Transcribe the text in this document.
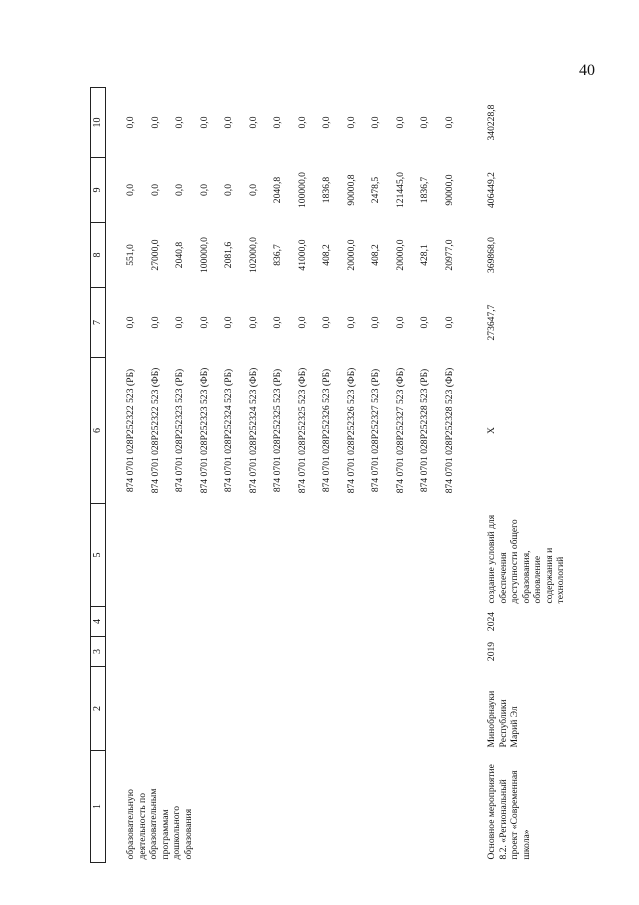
40
1	2	3	4	5	6	7	8	9	10

образовательную деятельность по образовательным программам дошкольного образования					874 0701 028P252322 523 (РБ)	0,0	551,0	0,0	0,0
					874 0701 028P252322 523 (ФБ)	0,0	27000,0	0,0	0,0
					874 0701 028P252323 523 (РБ)	0,0	2040,8	0,0	0,0
					874 0701 028P252323 523 (ФБ)	0,0	100000,0	0,0	0,0
					874 0701 028P252324 523 (РБ)	0,0	2081,6	0,0	0,0
					874 0701 028P252324 523 (ФБ)	0,0	102000,0	0,0	0,0
					874 0701 028P252325 523 (РБ)	0,0	836,7	2040,8	0,0
					874 0701 028P252325 523 (ФБ)	0,0	41000,0	100000,0	0,0
					874 0701 028P252326 523 (РБ)	0,0	408,2	1836,8	0,0
					874 0701 028P252326 523 (ФБ)	0,0	20000,0	90000,8	0,0
					874 0701 028P252327 523 (РБ)	0,0	408,2	2478,5	0,0
					874 0701 028P252327 523 (ФБ)	0,0	20000,0	121445,0	0,0
					874 0701 028P252328 523 (РБ)	0,0	428,1	1836,7	0,0
					874 0701 028P252328 523 (ФБ)	0,0	20977,0	90000,0	0,0

Основное мероприятие 8.2. «Региональный проект «Современная школа»	Минобрнауки Республики Марий Эл	2019	2024	создание условий для обеспечения доступности общего образования, обновление содержания и технологий	X	273647,7	369868,0	406449,2	340228,8
